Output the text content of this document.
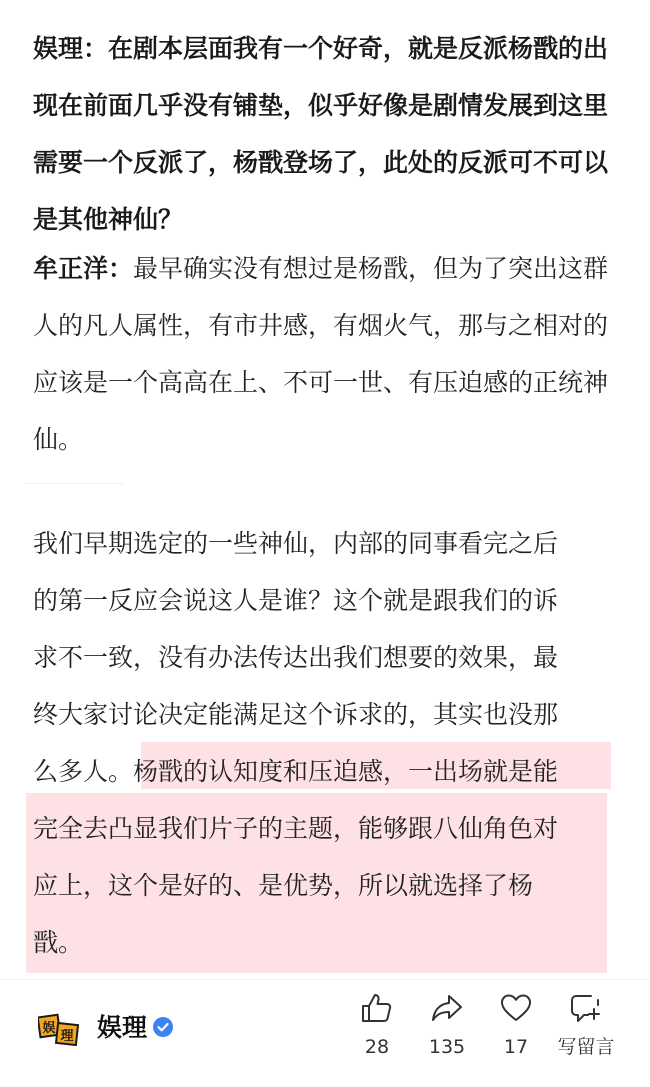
娱理：在剧本层面我有一个好奇，就是反派杨戬的出现在前面几乎没有铺垫，似乎好像是剧情发展到这里需要一个反派了，杨戬登场了，此处的反派可不可以是其他神仙？
牟正洋：最早确实没有想过是杨戬，但为了突出这群人的凡人属性，有市井感，有烟火气，那与之相对的应该是一个高高在上、不可一世、有压迫感的正统神仙。
我们早期选定的一些神仙，内部的同事看完之后
的第一反应会说这人是谁？这个就是跟我们的诉
求不一致，没有办法传达出我们想要的效果，最
终大家讨论决定能满足这个诉求的，其实也没那
么多人。杨戬的认知度和压迫感，一出场就是能
完全去凸显我们片子的主题，能够跟八仙角色对
应上，这个是好的、是优势，所以就选择了杨
戬。
娱
理 娱理
28	135	17	写留言
